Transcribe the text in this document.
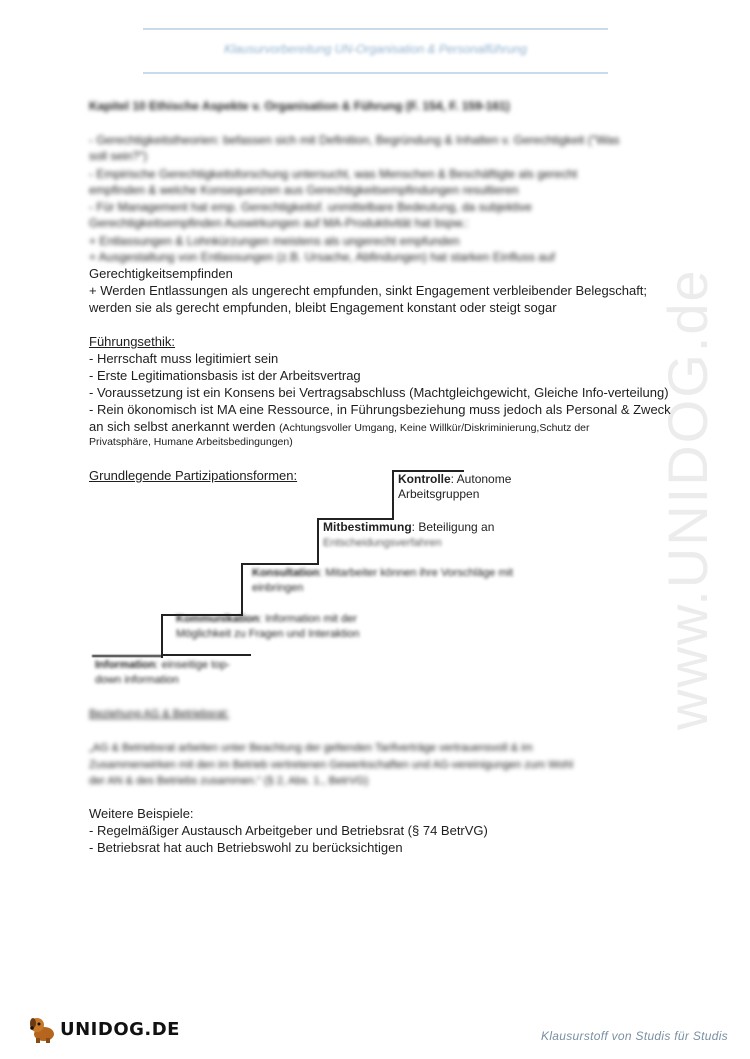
Klausurvorbereitung UN-Organisation & Personalführung
www.UNIDOG.de
Kapitel 10 Ethische Aspekte v. Organisation & Führung (F. 154, F. 159-161)
- Gerechtigkeitstheorien: befassen sich mit Definition, Begründung & Inhalten v. Gerechtigkeit ("Was
soll sein?")
- Empirische Gerechtigkeitsforschung untersucht, was Menschen & Beschäftigte als gerecht
empfinden & welche Konsequenzen aus Gerechtigkeitsempfindungen resultieren
- Für Management hat emp. Gerechtigkeitsf. unmittelbare Bedeutung, da subjektive
Gerechtigkeitsempfinden Auswirkungen auf MA-Produktivität hat bspw.:
+ Entlassungen & Lohnkürzungen meistens als ungerecht empfunden
+ Ausgestaltung von Entlassungen (z.B. Ursache, Abfindungen) hat starken Einfluss auf
Gerechtigkeitsempfinden
+ Werden Entlassungen als ungerecht empfunden, sinkt Engagement verbleibender Belegschaft;
werden sie als gerecht empfunden, bleibt Engagement konstant oder steigt sogar
Führungsethik:
- Herrschaft muss legitimiert sein
- Erste Legitimationsbasis ist der Arbeitsvertrag
- Voraussetzung ist ein Konsens bei Vertragsabschluss (Machtgleichgewicht, Gleiche Info-verteilung)
- Rein ökonomisch ist MA eine Ressource, in Führungsbeziehung muss jedoch als Personal & Zweck
an sich selbst anerkannt werden (Achtungsvoller Umgang, Keine Willkür/Diskriminierung,Schutz der
Privatsphäre, Humane Arbeitsbedingungen)
Grundlegende Partizipationsformen:	Kontrolle: Autonome
Arbeitsgruppen
Mitbestimmung: Beteiligung an
Entscheidungsverfahren
Konsultation: Mitarbeiter können ihre Vorschläge mit
einbringen
Kommunikation: Information mit der
Möglichkeit zu Fragen und Interaktion
Information: einseitige top-
down information
Beziehung AG & Betriebsrat:
„AG & Betriebsrat arbeiten unter Beachtung der geltenden Tarifverträge vertrauensvoll & im
Zusammenwirken mit den im Betrieb vertretenen Gewerkschaften und AG-vereinigungen zum Wohl
der AN & des Betriebs zusammen.“ (§ 2, Abs. 1., BetrVG)
Weitere Beispiele:
- Regelmäßiger Austausch Arbeitgeber und Betriebsrat (§ 74 BetrVG)
- Betriebsrat hat auch Betriebswohl zu berücksichtigen
UNIDOG.DE	Klausurstoff von Studis für Studis
